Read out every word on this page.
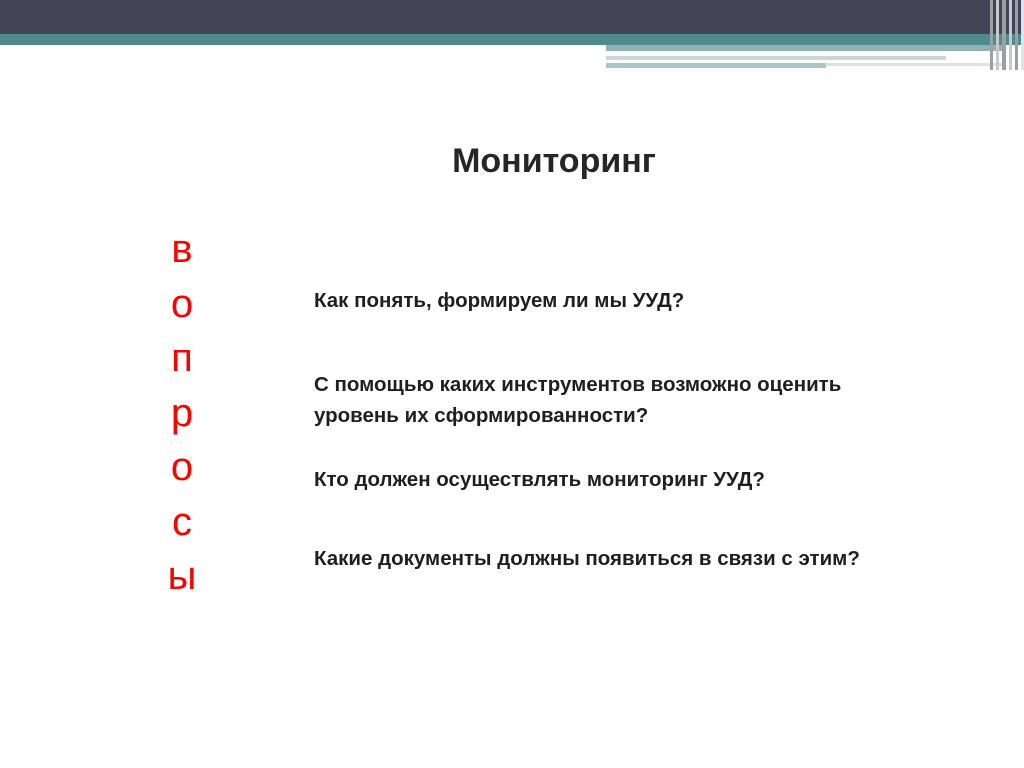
Мониторинг
в
о
п
р
о
с
ы

Как понять, формируем ли мы УУД?

С помощью каких инструментов возможно оценить
уровень их сформированности?

Кто должен осуществлять мониторинг УУД?

Какие документы должны появиться в связи с этим?
